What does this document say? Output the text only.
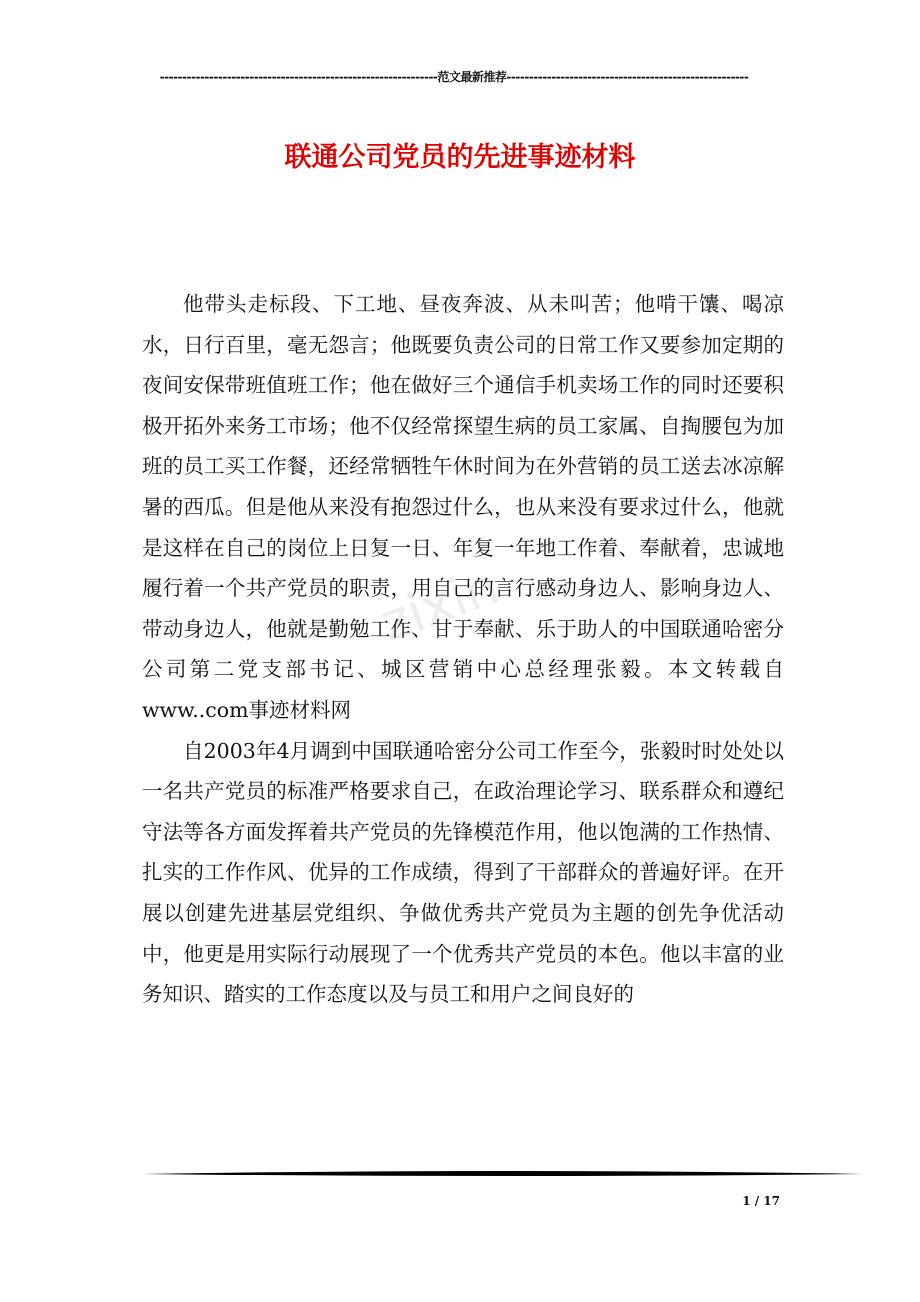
--------------------------------------------------------------范文最新推荐------------------------------------------------------
zixin
联通公司党员的先进事迹材料

他带头走标段、下工地、昼夜奔波、从未叫苦；他啃干馕、喝凉水，日行百里，毫无怨言；他既要负责公司的日常工作又要参加定期的夜间安保带班值班工作；他在做好三个通信手机卖场工作的同时还要积极开拓外来务工市场；他不仅经常探望生病的员工家属、自掏腰包为加班的员工买工作餐，还经常牺牲午休时间为在外营销的员工送去冰凉解暑的西瓜。但是他从来没有抱怨过什么，也从来没有要求过什么，他就是这样在自己的岗位上日复一日、年复一年地工作着、奉献着，忠诚地履行着一个共产党员的职责，用自己的言行感动身边人、影响身边人、带动身边人，他就是勤勉工作、甘于奉献、乐于助人的中国联通哈密分公司第二党支部书记、城区营销中心总经理张毅。本文转载自www..com事迹材料网

自2003年4月调到中国联通哈密分公司工作至今，张毅时时处处以一名共产党员的标准严格要求自己，在政治理论学习、联系群众和遵纪守法等各方面发挥着共产党员的先锋模范作用，他以饱满的工作热情、扎实的工作作风、优异的工作成绩，得到了干部群众的普遍好评。在开展以创建先进基层党组织、争做优秀共产党员为主题的创先争优活动中，他更是用实际行动展现了一个优秀共产党员的本色。他以丰富的业务知识、踏实的工作态度以及与员工和用户之间良好的

1 / 17
